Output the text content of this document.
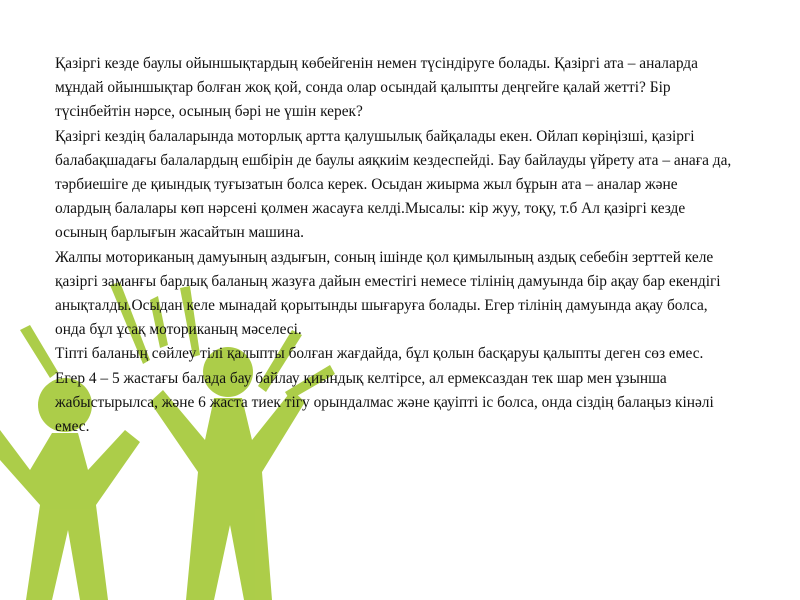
Қазіргі кезде баулы ойыншықтардың көбейгенін немен түсіндіруге болады. Қазіргі ата – аналарда мұндай ойыншықтар болған жоқ қой, сонда олар осындай қалыпты деңгейге қалай жетті? Бір түсінбейтін нәрсе, осының бәрі не үшін керек?

Қазіргі кездің балаларында моторлық артта қалушылық байқалады екен. Ойлап көріңізші, қазіргі балабақшадағы балалардың ешбірін де баулы аяқкиім кездеспейді. Бау байлауды үйрету ата – анаға да, тәрбиешіге де қиындық туғызатын болса керек. Осыдан жиырма жыл бұрын ата – аналар және олардың балалары көп нәрсені қолмен жасауға келді.Мысалы: кір жуу, тоқу, т.б Ал қазіргі кезде осының барлығын жасайтын машина.

Жалпы моториканың дамуының аздығын, соның ішінде қол қимылының аздық себебін зерттей келе қазіргі заманғы барлық баланың жазуға дайын еместігі немесе тілінің дамуында бір ақау бар екендігі анықталды.Осыдан келе мынадай қорытынды шығаруға болады. Егер тілінің дамуында ақау болса, онда бұл ұсақ моториканың мәселесі.

Тіпті баланың сөйлеу тілі қалыпты болған жағдайда, бұл қолын басқаруы қалыпты деген сөз емес. Егер 4 – 5 жастағы балада бау байлау қиындық келтірсе, ал ермексаздан тек шар мен ұзынша жабыстырылса, және 6 жаста тиек тігу орындалмас және қауіпті іс болса, онда сіздің балаңыз кінәлі емес.
